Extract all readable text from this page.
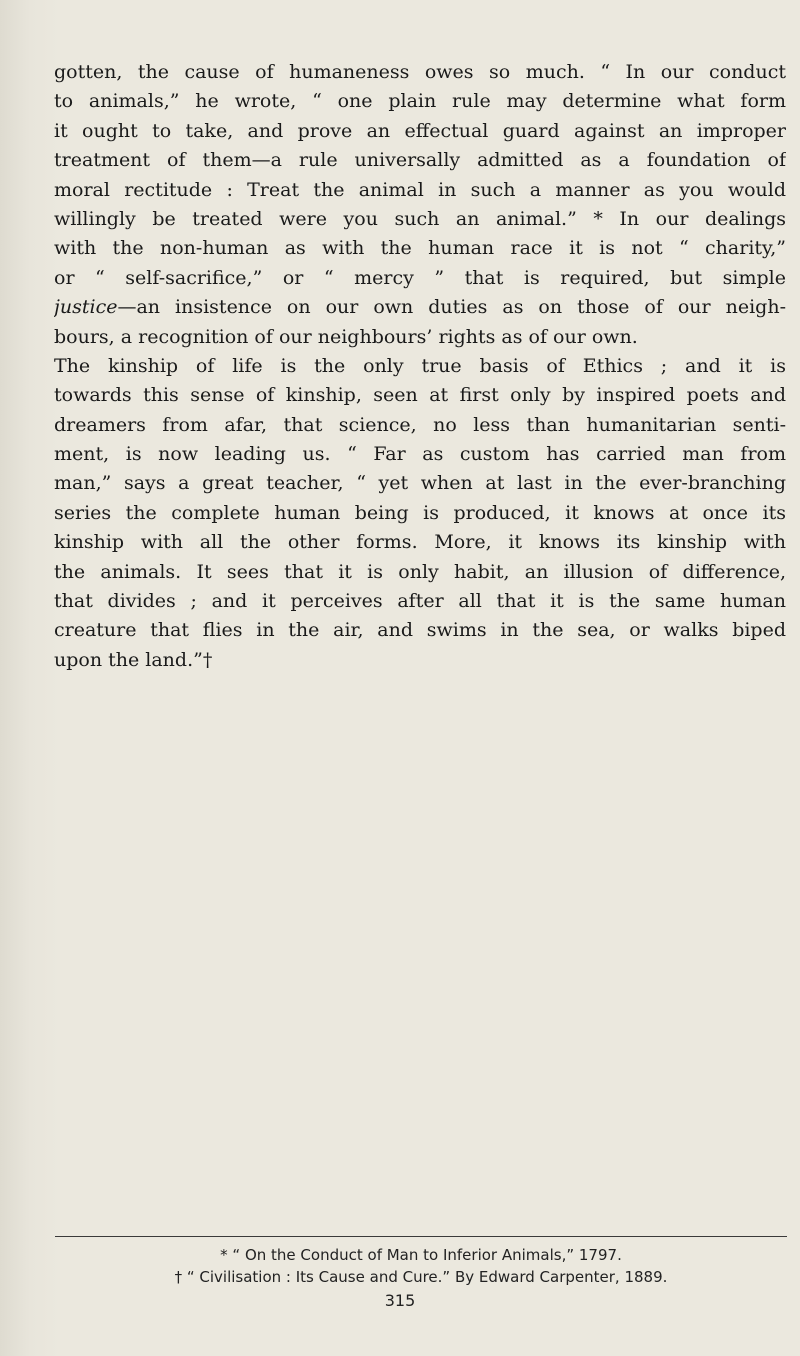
gotten, the cause of humaneness owes so much. “ In our conduct
to animals,” he wrote, “ one plain rule may determine what form
it ought to take, and prove an effectual guard against an improper
treatment of them—a rule universally admitted as a foundation of
moral rectitude : Treat the animal in such a manner as you would
willingly be treated were you such an animal.” * In our dealings
with the non-human as with the human race it is not “ charity,”
or “ self-sacrifice,” or “ mercy ” that is required, but simple
justice—an insistence on our own duties as on those of our neigh-
bours, a recognition of our neighbours’ rights as of our own.
The kinship of life is the only true basis of Ethics ; and it is
towards this sense of kinship, seen at first only by inspired poets and
dreamers from afar, that science, no less than humanitarian senti-
ment, is now leading us. “ Far as custom has carried man from
man,” says a great teacher, “ yet when at last in the ever-branching
series the complete human being is produced, it knows at once its
kinship with all the other forms. More, it knows its kinship with
the animals. It sees that it is only habit, an illusion of difference,
that divides ; and it perceives after all that it is the same human
creature that flies in the air, and swims in the sea, or walks biped
upon the land.”†
* “ On the Conduct of Man to Inferior Animals,” 1797.
† “ Civilisation : Its Cause and Cure.” By Edward Carpenter, 1889.
315
